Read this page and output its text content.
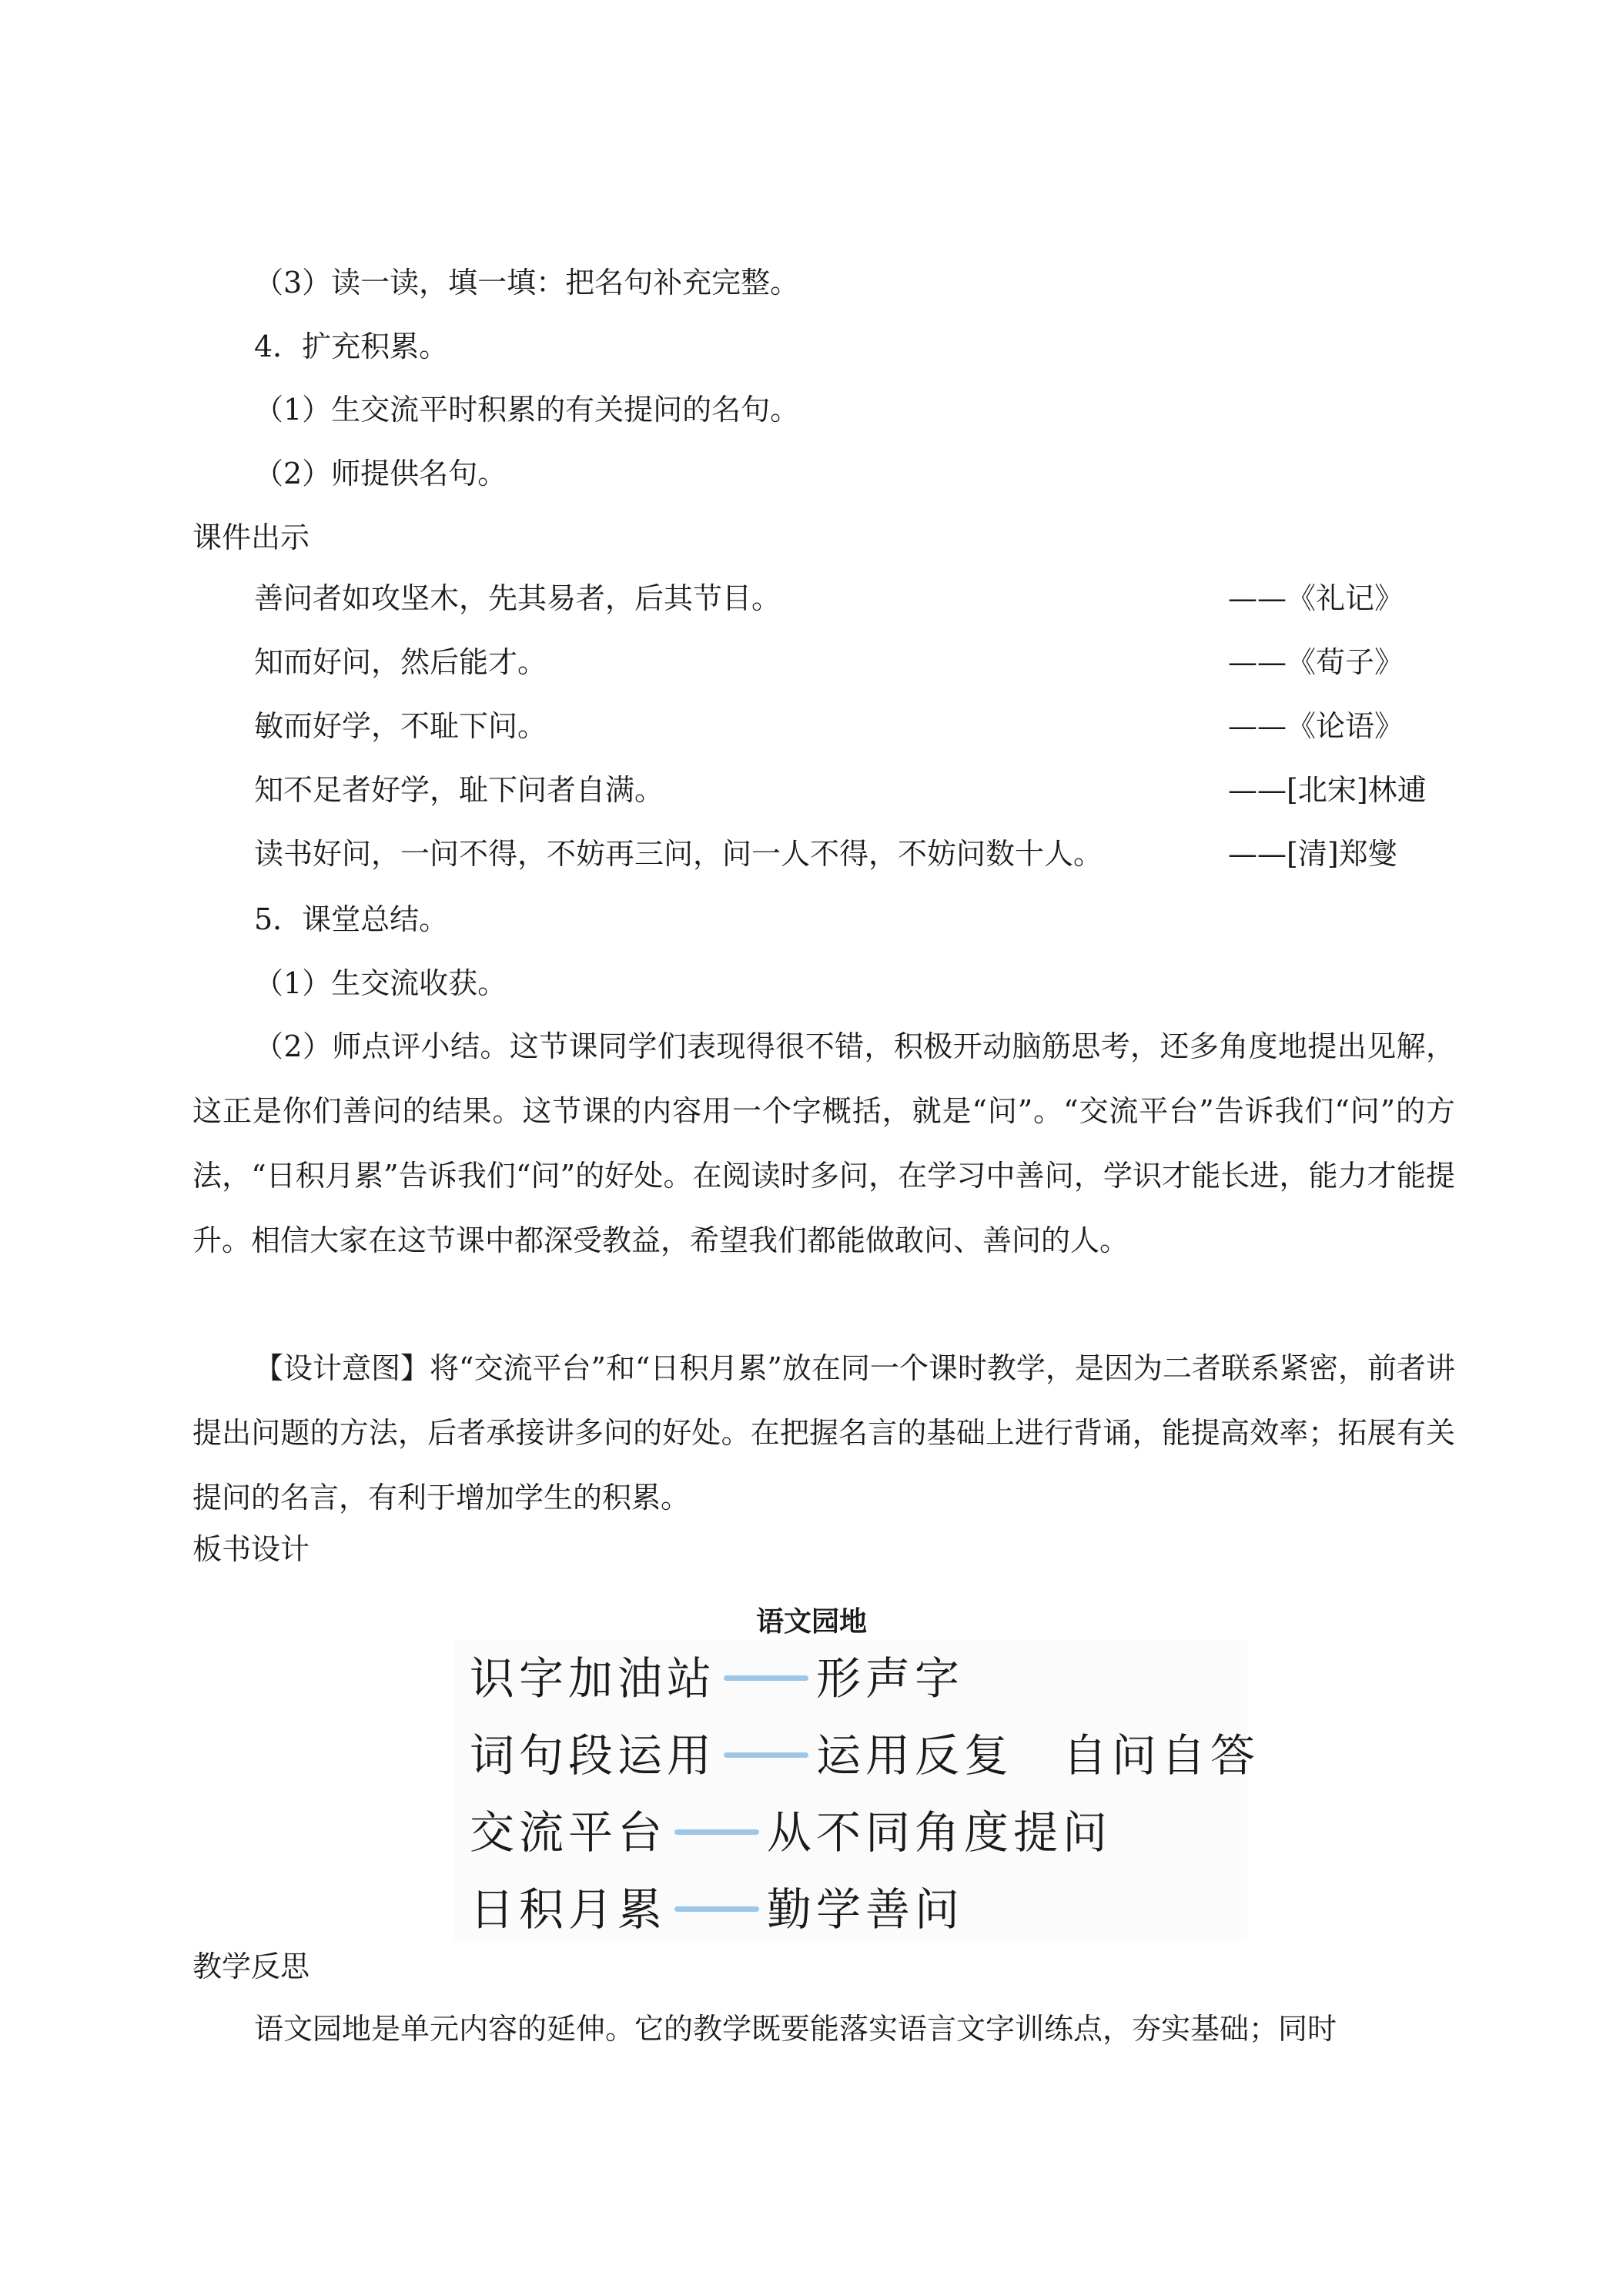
（3）读一读，填一填：把名句补充完整。
4．扩充积累。
（1）生交流平时积累的有关提问的名句。
（2）师提供名句。
课件出示
善问者如攻坚木，先其易者，后其节目。	——《礼记》
知而好问，然后能才。	——《荀子》
敏而好学，不耻下问。	——《论语》
知不足者好学，耻下问者自满。	——[北宋]林逋
读书好问，一问不得，不妨再三问，问一人不得，不妨问数十人。	——[清]郑燮
5．课堂总结。
（1）生交流收获。
（2）师点评小结。这节课同学们表现得很不错，积极开动脑筋思考，还多角度地提出见解，这正是你们善问的结果。这节课的内容用一个字概括，就是“问”。“交流平台”告诉我们“问”的方法，“日积月累”告诉我们“问”的好处。在阅读时多问，在学习中善问，学识才能长进，能力才能提升。相信大家在这节课中都深受教益，希望我们都能做敢问、善问的人。
【设计意图】将“交流平台”和“日积月累”放在同一个课时教学，是因为二者联系紧密，前者讲提出问题的方法，后者承接讲多问的好处。在把握名言的基础上进行背诵，能提高效率；拓展有关提问的名言，有利于增加学生的积累。
板书设计
语文园地
识字加油站 形声字
词句段运用 运用反复　自问自答
交流平台 从不同角度提问
日积月累 勤学善问
教学反思
语文园地是单元内容的延伸。它的教学既要能落实语言文字训练点，夯实基础；同时
